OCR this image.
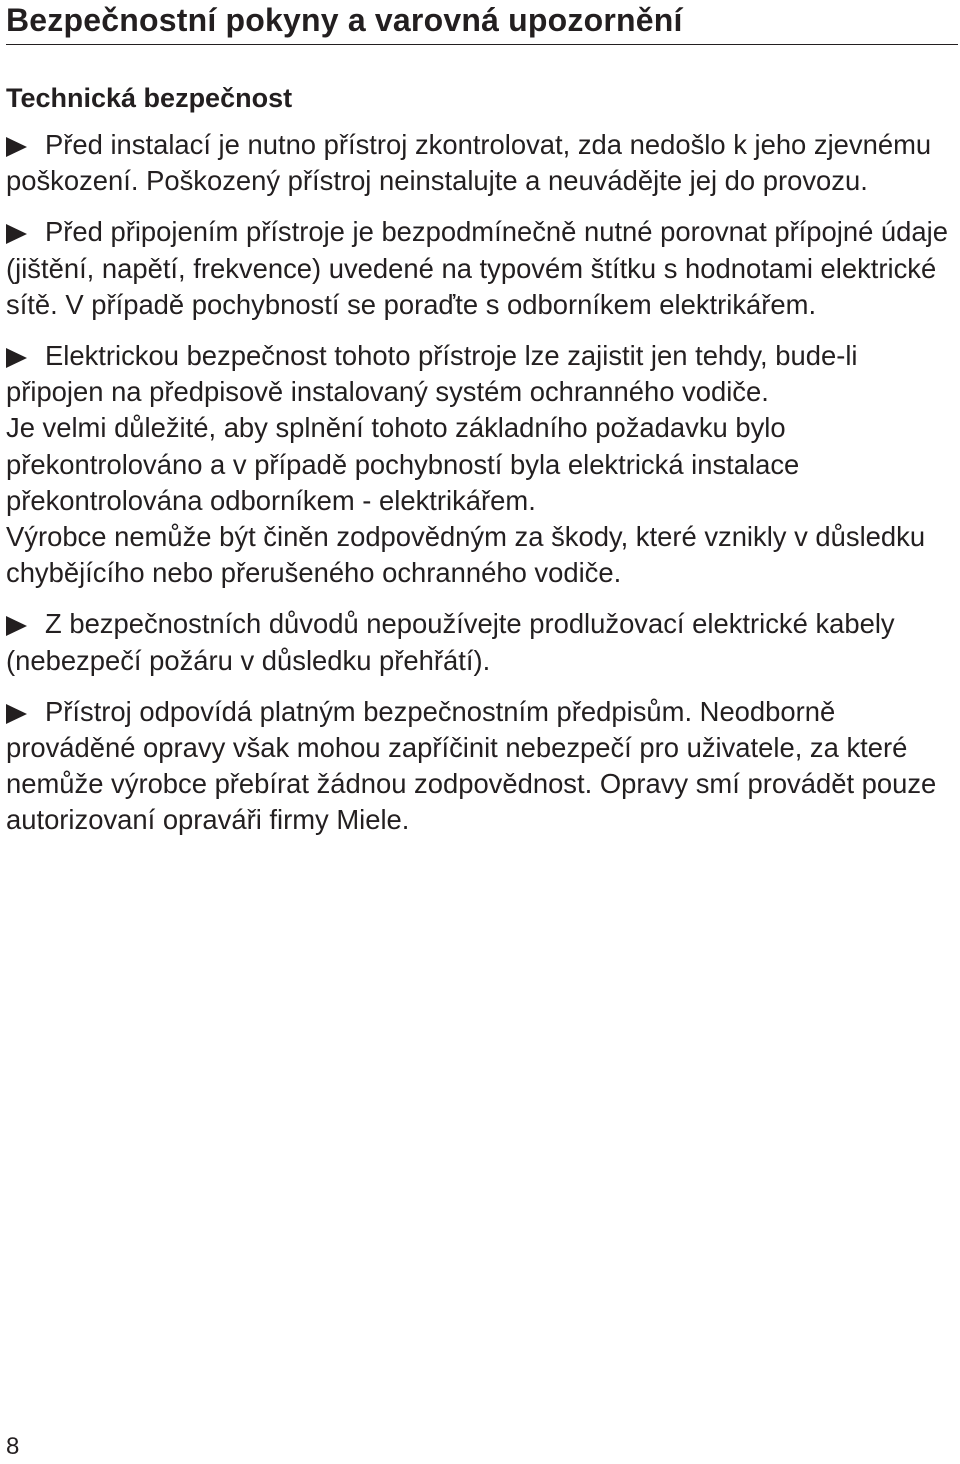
Bezpečnostní pokyny a varovná upozornění
Technická bezpečnost
Před instalací je nutno přístroj zkontrolovat, zda nedošlo k jeho zjevnému poškození. Poškozený přístroj neinstalujte a neuvádějte jej do provozu.
Před připojením přístroje je bezpodmínečně nutné porovnat přípojné údaje (jištění, napětí, frekvence) uvedené na typovém štítku s hodnotami elektrické sítě. V případě pochybností se poraďte s odborníkem elektrikářem.
Elektrickou bezpečnost tohoto přístroje lze zajistit jen tehdy, bude-li připojen na předpisově instalovaný systém ochranného vodiče.
Je velmi důležité, aby splnění tohoto základního požadavku bylo překontrolováno a v případě pochybností byla elektrická instalace překontrolována odborníkem - elektrikářem.
Výrobce nemůže být činěn zodpovědným za škody, které vznikly v důsledku chybějícího nebo přerušeného ochranného vodiče.
Z bezpečnostních důvodů nepoužívejte prodlužovací elektrické kabely (nebezpečí požáru v důsledku přehřátí).
Přístroj odpovídá platným bezpečnostním předpisům. Neodborně prováděné opravy však mohou zapříčinit nebezpečí pro uživatele, za které nemůže výrobce přebírat žádnou zodpovědnost. Opravy smí provádět pouze autorizovaní opraváři firmy Miele.
8
